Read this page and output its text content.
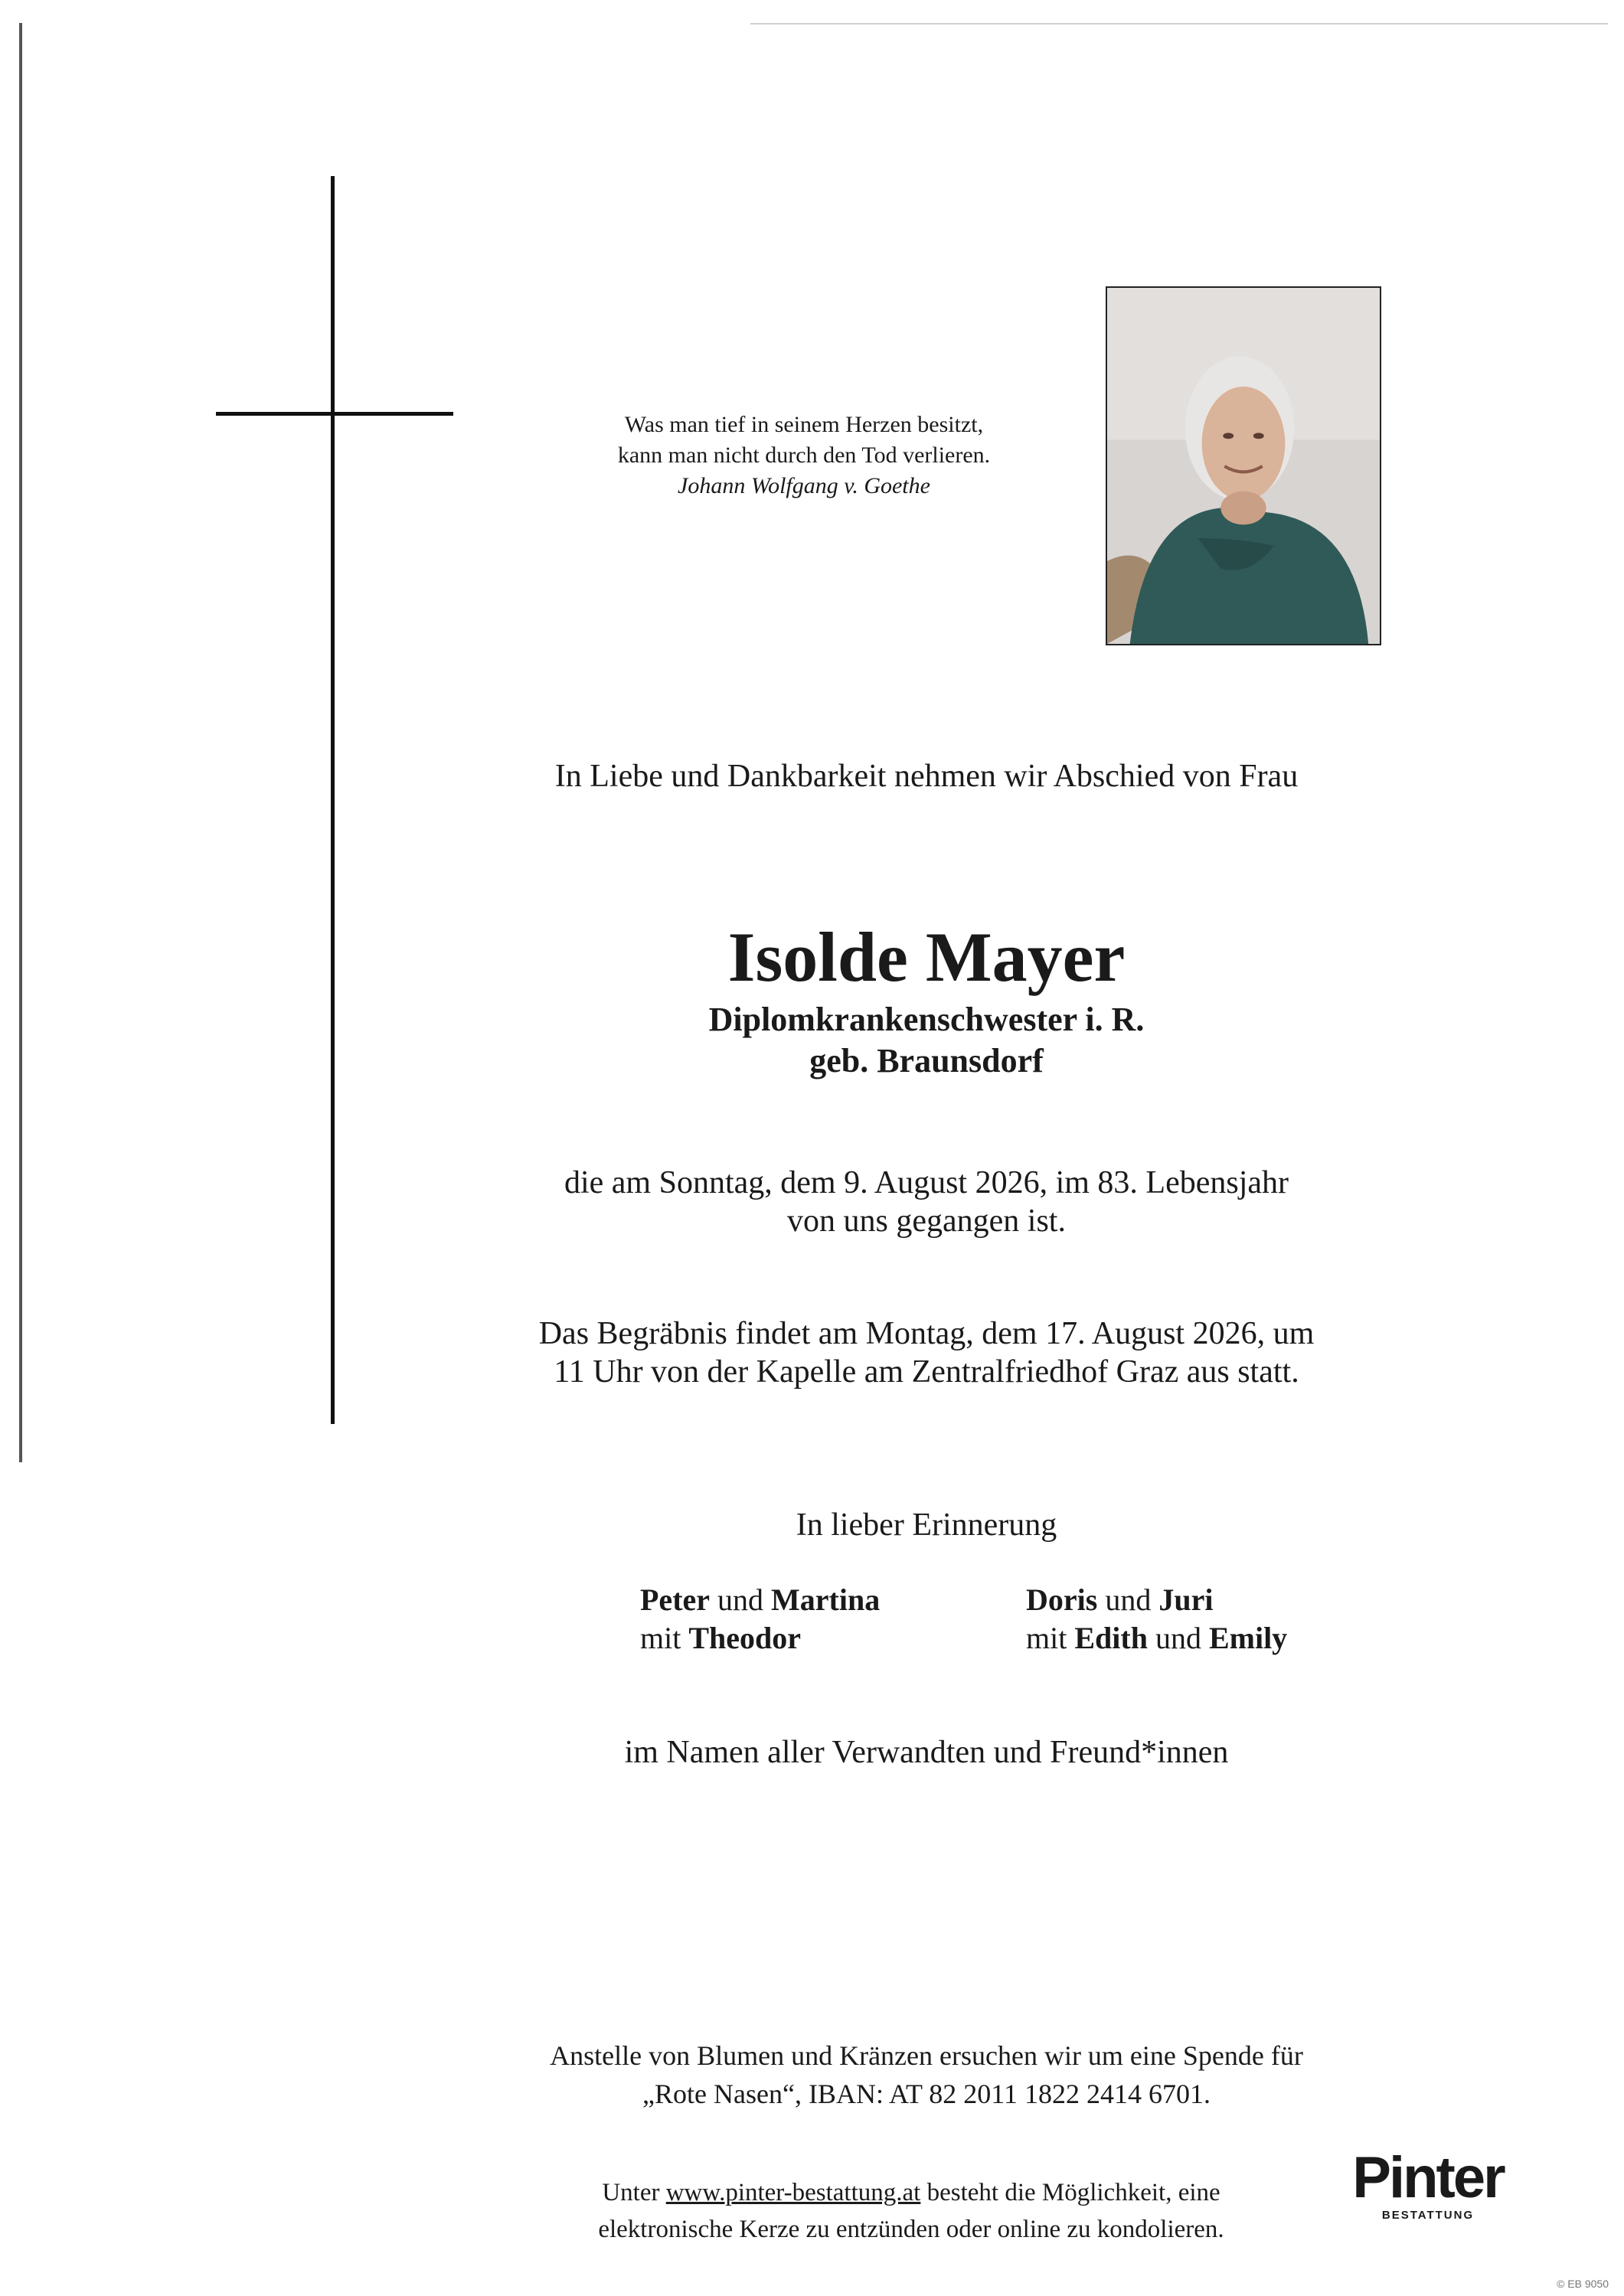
Was man tief in seinem Herzen besitzt,
kann man nicht durch den Tod verlieren.
Johann Wolfgang v. Goethe
In Liebe und Dankbarkeit nehmen wir Abschied von Frau
Isolde Mayer
Diplomkrankenschwester i. R.
geb. Braunsdorf
die am Sonntag, dem 9. August 2026, im 83. Lebensjahr
von uns gegangen ist.
Das Begräbnis findet am Montag, dem 17. August 2026, um
11 Uhr von der Kapelle am Zentralfriedhof Graz aus statt.
In lieber Erinnerung
Peter und Martina
mit Theodor
Doris und Juri
mit Edith und Emily
im Namen aller Verwandten und Freund*innen
Anstelle von Blumen und Kränzen ersuchen wir um eine Spende für
„Rote Nasen“, IBAN: AT 82 2011 1822 2414 6701.
Unter www.pinter-bestattung.at besteht die Möglichkeit, eine
elektronische Kerze zu entzünden oder online zu kondolieren.
Pinter
BESTATTUNG
© EB 9050
